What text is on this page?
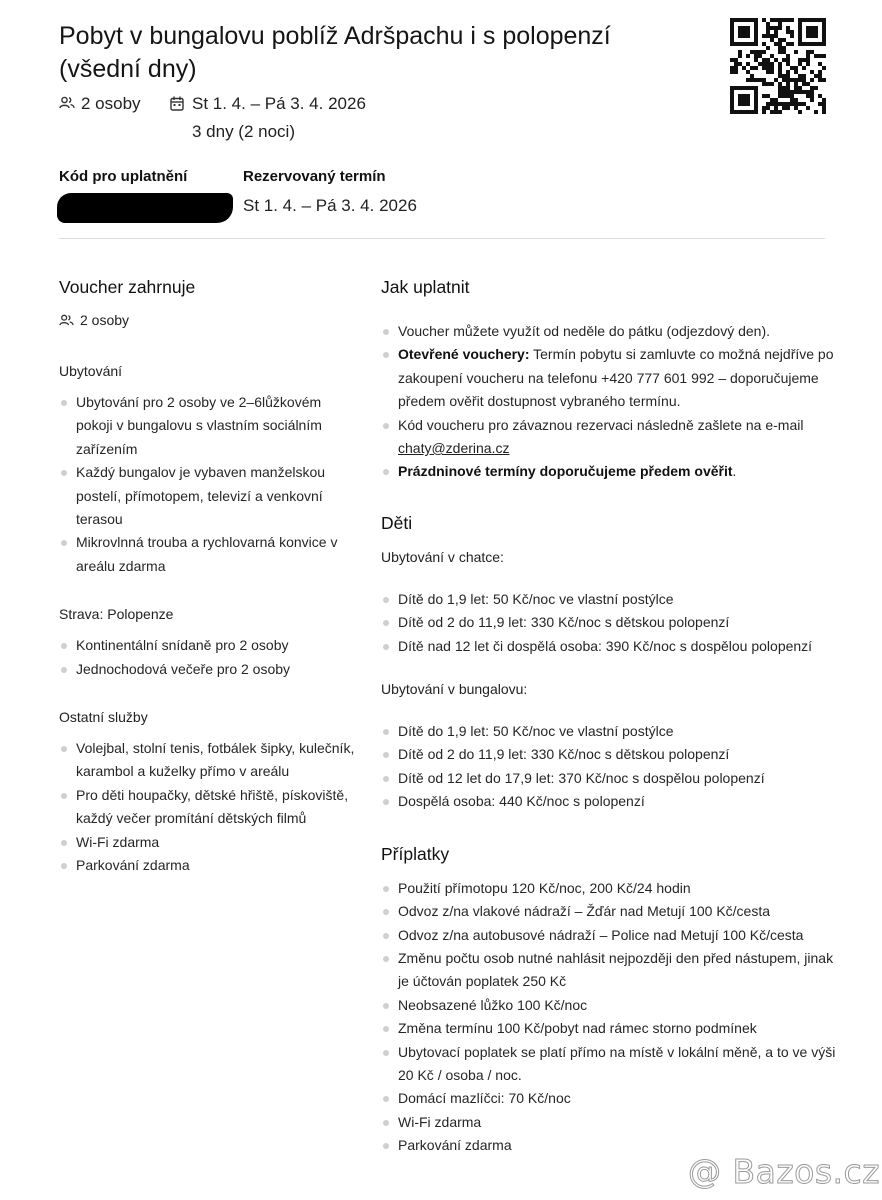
Pobyt v bungalovu poblíž Adršpachu i s polopenzí (všední dny)
2 osoby	St 1. 4. – Pá 3. 4. 2026
3 dny (2 noci)
Kód pro uplatnění	Rezervovaný termín
St 1. 4. – Pá 3. 4. 2026
Voucher zahrnuje
2 osoby

Ubytování

Ubytování pro 2 osoby ve 2–6lůžkovém pokoji v bungalovu s vlastním sociálním zařízením
Každý bungalov je vybaven manželskou postelí, přímotopem, televizí a venkovní terasou
Mikrovlnná trouba a rychlovarná konvice v areálu zdarma

Strava: Polopenze

Kontinentální snídaně pro 2 osoby
Jednochodová večeře pro 2 osoby

Ostatní služby

Volejbal, stolní tenis, fotbálek šipky, kulečník, karambol a kuželky přímo v areálu
Pro děti houpačky, dětské hřiště, pískoviště, každý večer promítání dětských filmů
Wi-Fi zdarma
Parkování zdarma
Jak uplatnit
Voucher můžete využít od neděle do pátku (odjezdový den).
Otevřené vouchery: Termín pobytu si zamluvte co možná nejdříve po zakoupení voucheru na telefonu +420 777 601 992 – doporučujeme předem ověřit dostupnost vybraného termínu.
Kód voucheru pro závaznou rezervaci následně zašlete na e-mail chaty@zderina.cz
Prázdninové termíny doporučujeme předem ověřit.
Děti

Ubytování v chatce:

Dítě do 1,9 let: 50 Kč/noc ve vlastní postýlce
Dítě od 2 do 11,9 let: 330 Kč/noc s dětskou polopenzí
Dítě nad 12 let či dospělá osoba: 390 Kč/noc s dospělou polopenzí

Ubytování v bungalovu:

Dítě do 1,9 let: 50 Kč/noc ve vlastní postýlce
Dítě od 2 do 11,9 let: 330 Kč/noc s dětskou polopenzí
Dítě od 12 let do 17,9 let: 370 Kč/noc s dospělou polopenzí
Dospělá osoba: 440 Kč/noc s polopenzí
Příplatky
Použití přímotopu 120 Kč/noc, 200 Kč/24 hodin
Odvoz z/na vlakové nádraží – Žďár nad Metují 100 Kč/cesta
Odvoz z/na autobusové nádraží – Police nad Metují 100 Kč/cesta
Změnu počtu osob nutné nahlásit nejpozději den před nástupem, jinak je účtován poplatek 250 Kč
Neobsazené lůžko 100 Kč/noc
Změna termínu 100 Kč/pobyt nad rámec storno podmínek
Ubytovací poplatek se platí přímo na místě v lokální měně, a to ve výši 20 Kč / osoba / noc.
Domácí mazlíčci: 70 Kč/noc
Wi-Fi zdarma
Parkování zdarma
@ Bazos.cz
